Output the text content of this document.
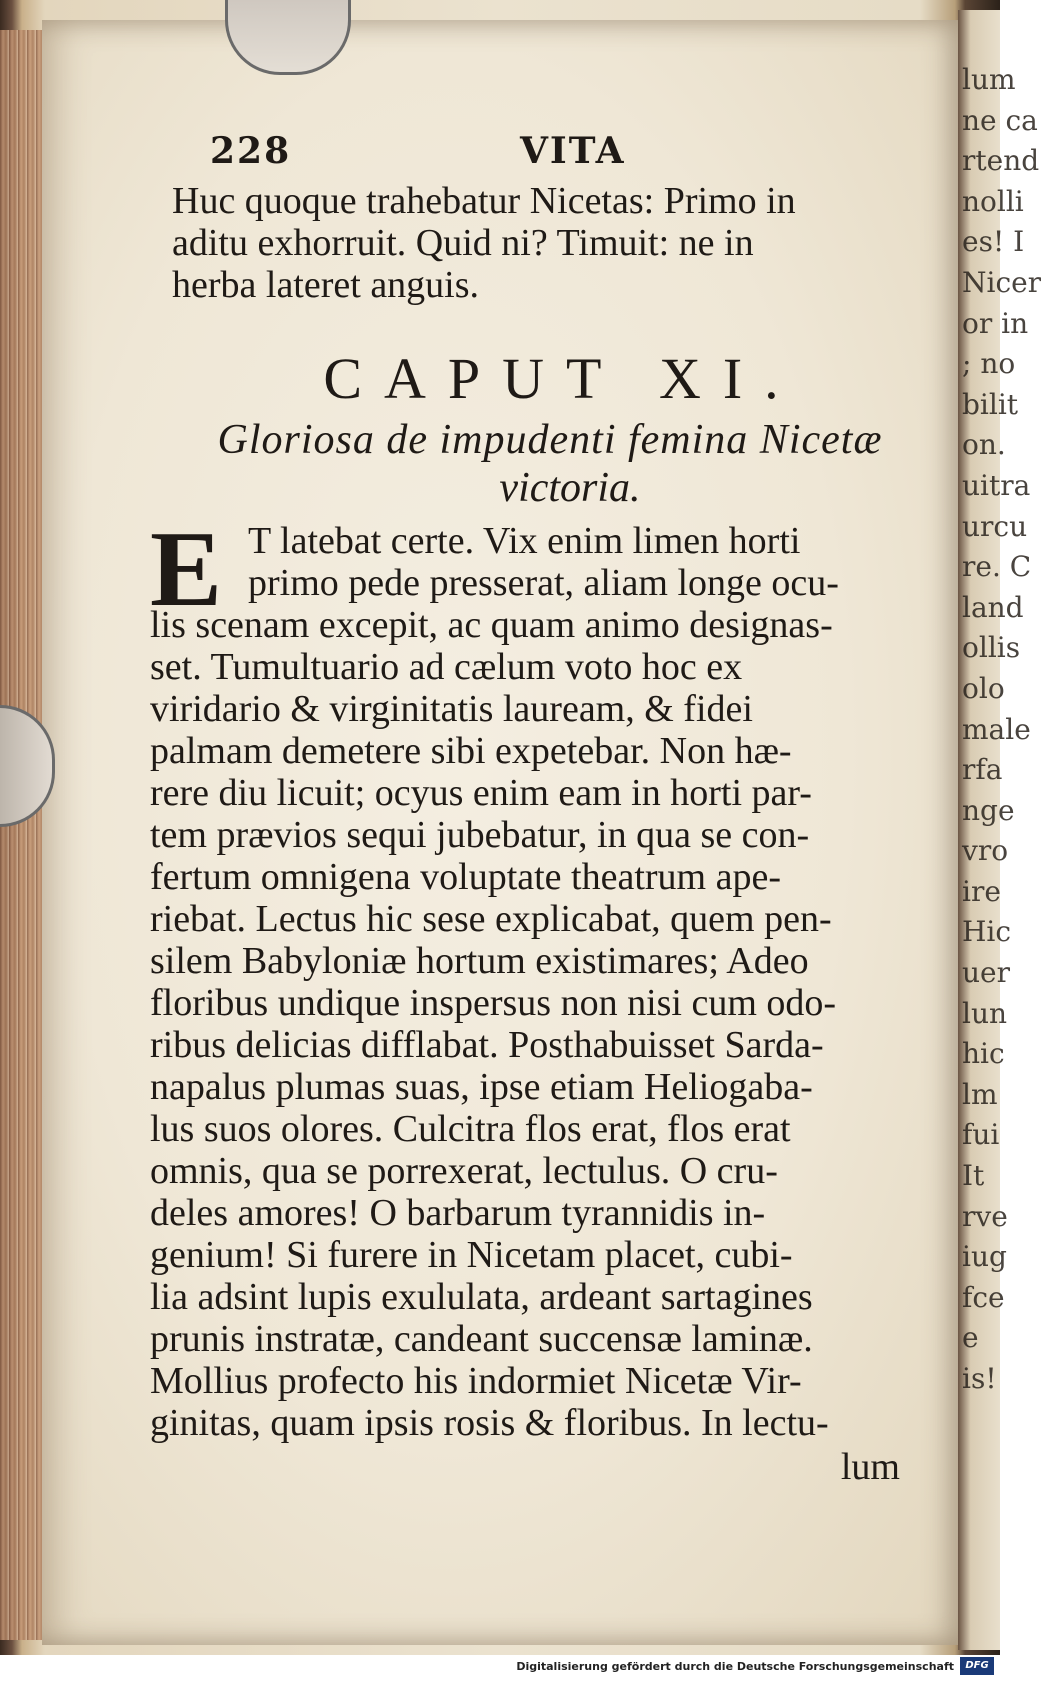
lum
ne ca
rtend
nolli
es! I
Nicer
or in
; no
bilit
on.
uitra
urcu
re. C
land
ollis
olo
male
rfa
nge
vro
ire
Hic
uer
lun
hic
lm
fui
It
rve
iug
fce
e
is!
228	VITA

Huc quoque trahebatur Nicetas: Primo in

aditu exhorruit. Quid ni? Timuit: ne in

herba lateret anguis.

CAPUT XI.

Gloriosa de impudenti femina Nicetæ

victoria.

E T latebat certe. Vix enim limen horti

primo pede presserat, aliam longe ocu-

lis scenam excepit, ac quam animo designas-

set. Tumultuario ad cælum voto hoc ex

viridario & virginitatis lauream, & fidei

palmam demetere sibi expetebar. Non hæ-

rere diu licuit; ocyus enim eam in horti par-

tem prævios sequi jubebatur, in qua se con-

fertum omnigena voluptate theatrum ape-

riebat. Lectus hic sese explicabat, quem pen-

silem Babyloniæ hortum existimares; Adeo

floribus undique inspersus non nisi cum odo-

ribus delicias difflabat. Posthabuisset Sarda-

napalus plumas suas, ipse etiam Heliogaba-

lus suos olores. Culcitra flos erat, flos erat

omnis, qua se porrexerat, lectulus. O cru-

deles amores! O barbarum tyrannidis in-

genium! Si furere in Nicetam placet, cubi-

lia adsint lupis exululata, ardeant sartagines

prunis instratæ, candeant succensæ laminæ.

Mollius profecto his indormiet Nicetæ Vir-

ginitas, quam ipsis rosis & floribus. In lectu-

lum

Digitalisierung gefördert durch die Deutsche Forschungsgemeinschaft	DFG
